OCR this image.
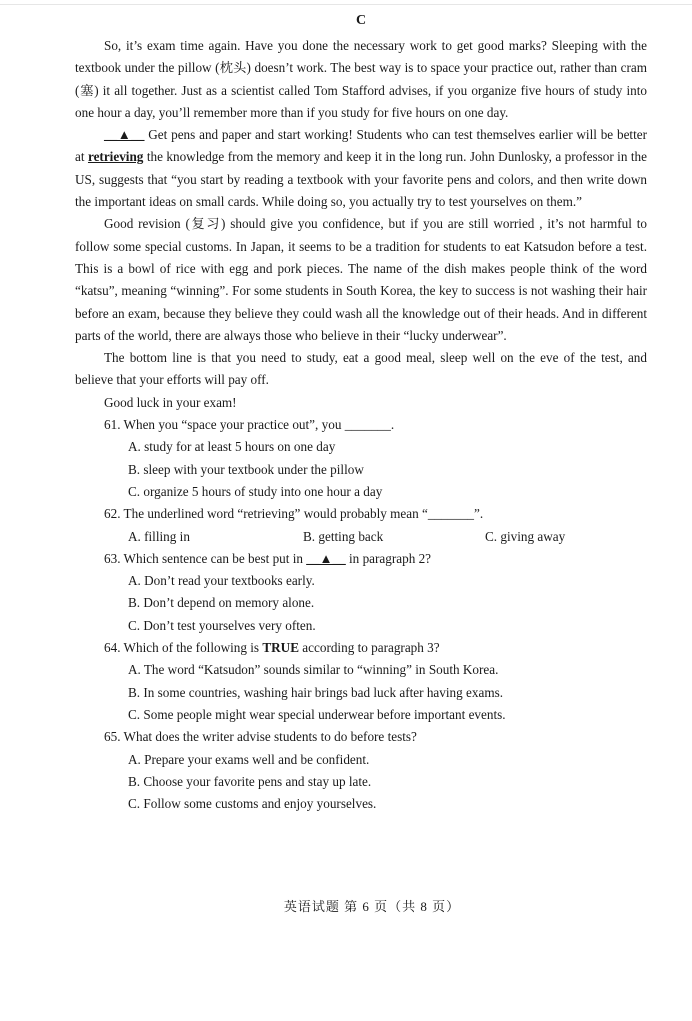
C

So, it’s exam time again. Have you done the necessary work to get good marks? Sleeping with the textbook under the pillow (枕头) doesn’t work. The best way is to space your practice out, rather than cram (塞) it all together. Just as a scientist called Tom Stafford advises, if you organize five hours of study into one hour a day, you’ll remember more than if you study for five hours on one day.

__▲__ Get pens and paper and start working! Students who can test themselves earlier will be better at retrieving the knowledge from the memory and keep it in the long run. John Dunlosky, a professor in the US, suggests that “you start by reading a textbook with your favorite pens and colors, and then write down the important ideas on small cards. While doing so, you actually try to test yourselves on them.”

Good revision (复习) should give you confidence, but if you are still worried , it’s not harmful to follow some special customs. In Japan, it seems to be a tradition for students to eat Katsudon before a test. This is a bowl of rice with egg and pork pieces. The name of the dish makes people think of the word “katsu”, meaning “winning”. For some students in South Korea, the key to success is not washing their hair before an exam, because they believe they could wash all the knowledge out of their heads. And in different parts of the world, there are always those who believe in their “lucky underwear”.

The bottom line is that you need to study, eat a good meal, sleep well on the eve of the test, and believe that your efforts will pay off.

Good luck in your exam!

61. When you “space your practice out”, you _______.

A. study for at least 5 hours on one day

B. sleep with your textbook under the pillow

C. organize 5 hours of study into one hour a day

62. The underlined word “retrieving” would probably mean “_______”.

A. filling in	B. getting back	C. giving away

63. Which sentence can be best put in __▲__ in paragraph 2?

A. Don’t read your textbooks early.

B. Don’t depend on memory alone.

C. Don’t test yourselves very often.

64. Which of the following is TRUE according to paragraph 3?

A. The word “Katsudon” sounds similar to “winning” in South Korea.

B. In some countries, washing hair brings bad luck after having exams.

C. Some people might wear special underwear before important events.

65. What does the writer advise students to do before tests?

A. Prepare your exams well and be confident.

B. Choose your favorite pens and stay up late.

C. Follow some customs and enjoy yourselves.

英语试题 第 6 页（共 8 页）
